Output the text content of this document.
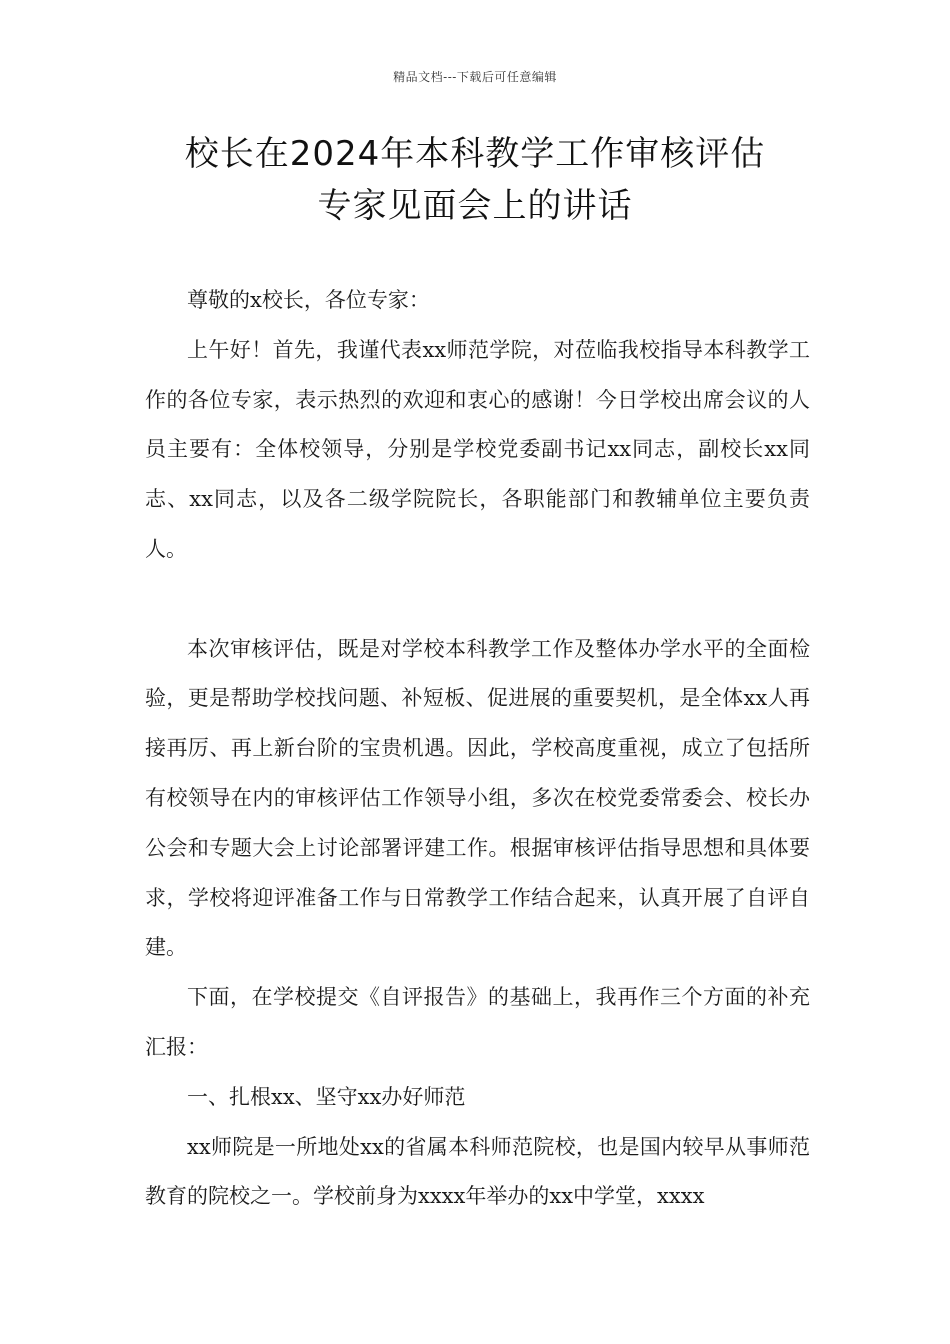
精品文档---下载后可任意编辑
校长在2024年本科教学工作审核评估
专家见面会上的讲话

尊敬的x校长，各位专家：

上午好！首先，我谨代表xx师范学院，对莅临我校指导本科教学工作的各位专家，表示热烈的欢迎和衷心的感谢！今日学校出席会议的人员主要有：全体校领导，分别是学校党委副书记xx同志，副校长xx同志、xx同志，以及各二级学院院长，各职能部门和教辅单位主要负责人。

本次审核评估，既是对学校本科教学工作及整体办学水平的全面检验，更是帮助学校找问题、补短板、促进展的重要契机，是全体xx人再接再厉、再上新台阶的宝贵机遇。因此，学校高度重视，成立了包括所有校领导在内的审核评估工作领导小组，多次在校党委常委会、校长办公会和专题大会上讨论部署评建工作。根据审核评估指导思想和具体要求，学校将迎评准备工作与日常教学工作结合起来，认真开展了自评自建。

下面，在学校提交《自评报告》的基础上，我再作三个方面的补充汇报：

一、扎根xx、坚守xx办好师范

xx师院是一所地处xx的省属本科师范院校，也是国内较早从事师范教育的院校之一。学校前身为xxxx年举办的xx中学堂，xxxx
